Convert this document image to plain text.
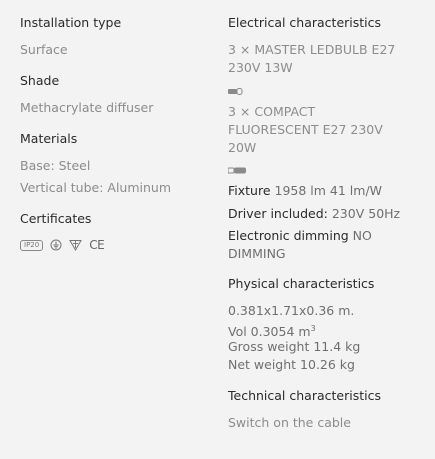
Installation type
Surface
Shade
Methacrylate diffuser
Materials
Base: Steel
Vertical tube: Aluminum
Certificates
IP20	CE
Electrical characteristics
3 × MASTER LEDBULB E27
230V 13W
3 × COMPACT
FLUORESCENT E27 230V
20W
Fixture 1958 lm 41 lm/W
Driver included: 230V 50Hz
Electronic dimming NO
DIMMING
Physical characteristics
0.381x1.71x0.36 m.
Vol 0.3054 $m^3$
Gross weight 11.4 kg
Net weight 10.26 kg
Technical characteristics
Switch on the cable
